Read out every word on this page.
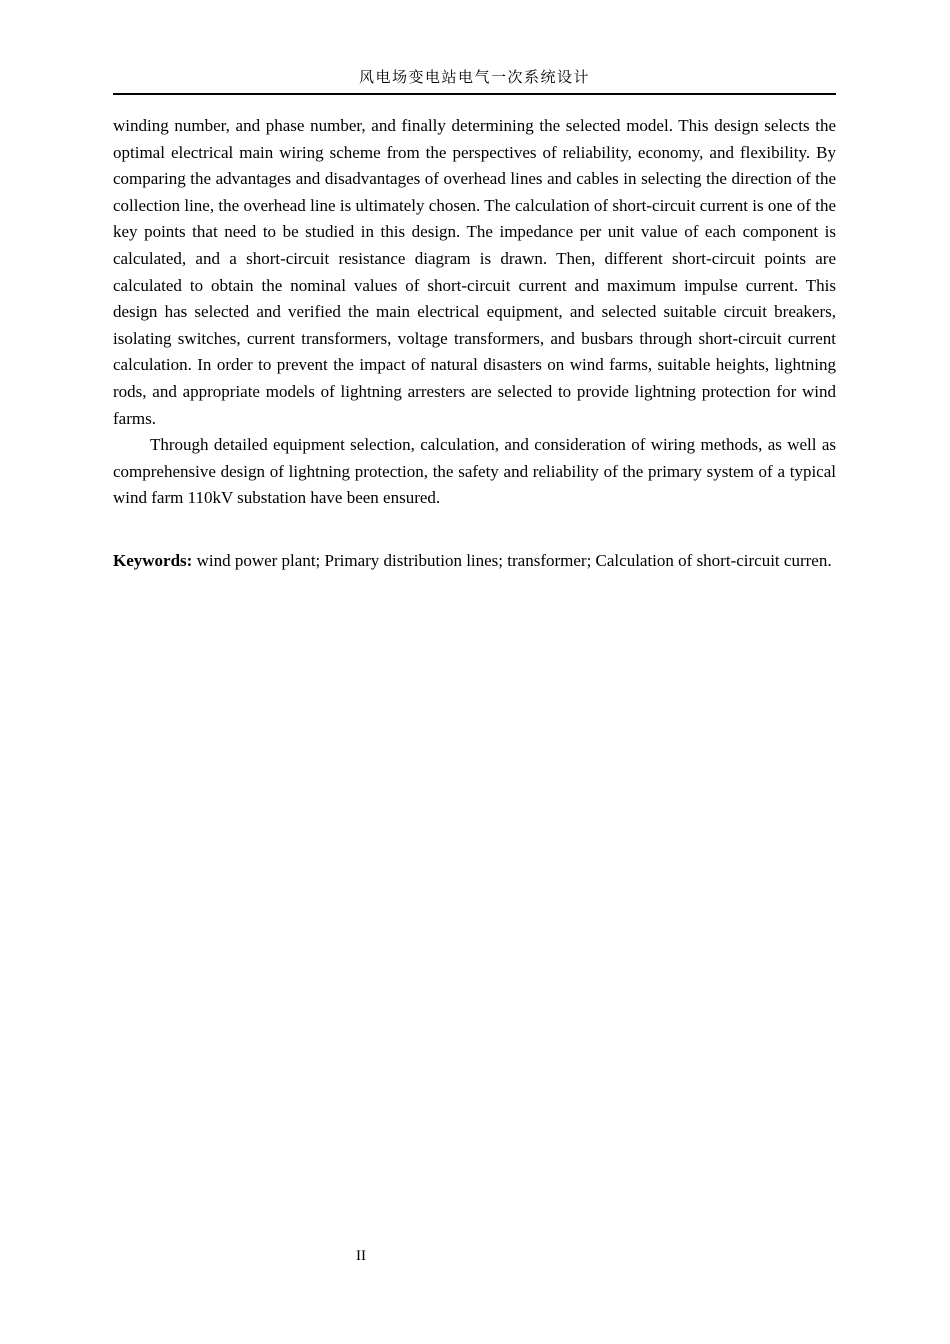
风电场变电站电气一次系统设计

winding number, and phase number, and finally determining the selected model. This design selects the optimal electrical main wiring scheme from the perspectives of reliability, economy, and flexibility. By comparing the advantages and disadvantages of overhead lines and cables in selecting the direction of the collection line, the overhead line is ultimately chosen. The calculation of short-circuit current is one of the key points that need to be studied in this design. The impedance per unit value of each component is calculated, and a short-circuit resistance diagram is drawn. Then, different short-circuit points are calculated to obtain the nominal values of short-circuit current and maximum impulse current. This design has selected and verified the main electrical equipment, and selected suitable circuit breakers, isolating switches, current transformers, voltage transformers, and busbars through short-circuit current calculation. In order to prevent the impact of natural disasters on wind farms, suitable heights, lightning rods, and appropriate models of lightning arresters are selected to provide lightning protection for wind farms.

Through detailed equipment selection, calculation, and consideration of wiring methods, as well as comprehensive design of lightning protection, the safety and reliability of the primary system of a typical wind farm 110kV substation have been ensured.

Keywords: wind power plant; Primary distribution lines; transformer; Calculation of short-circuit curren.

II
